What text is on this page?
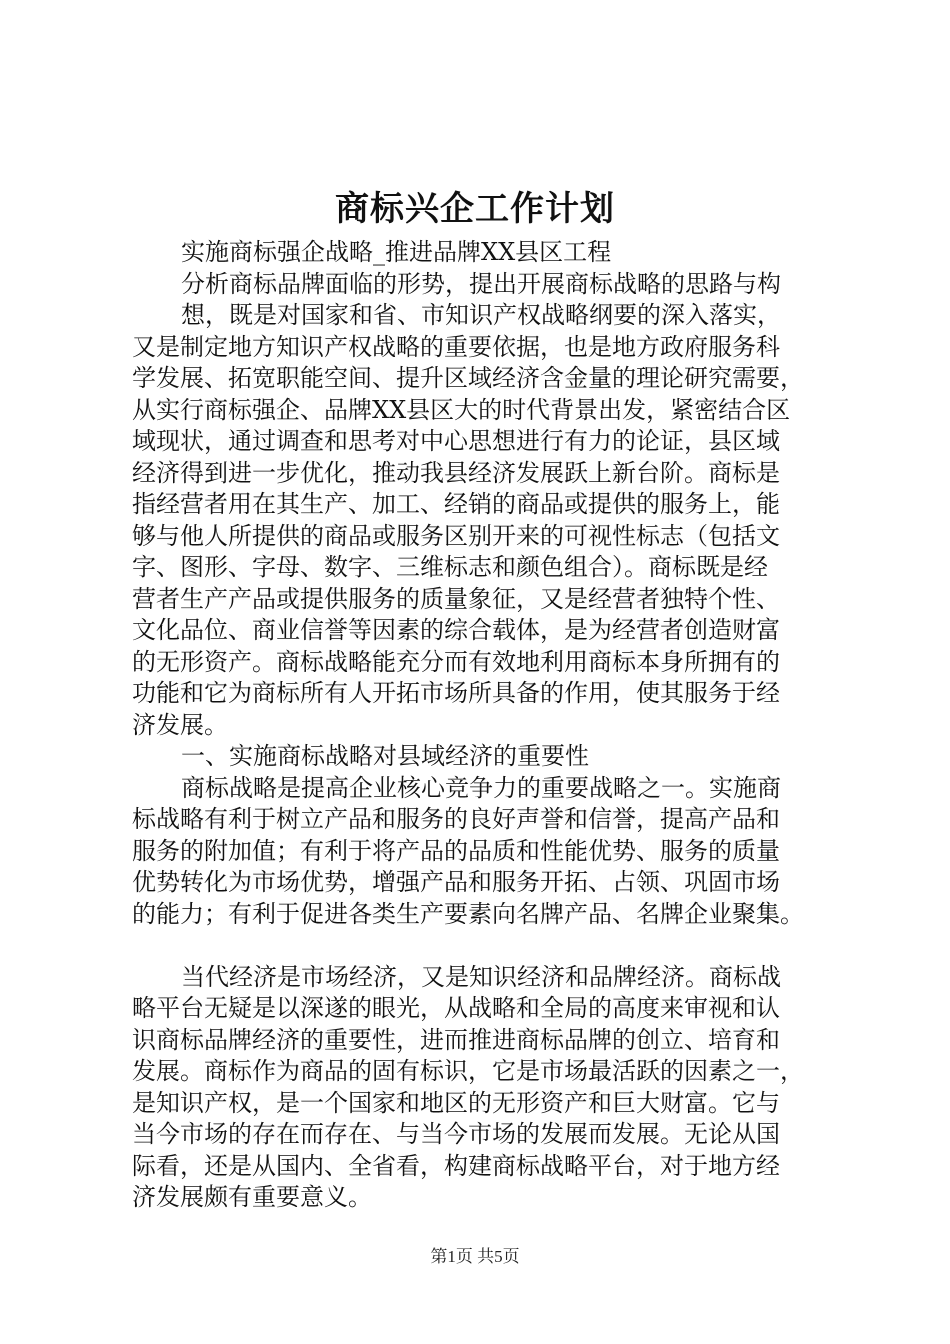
商标兴企工作计划
实施商标强企战略_推进品牌XX县区工程
分析商标品牌面临的形势，提出开展商标战略的思路与构
想，既是对国家和省、市知识产权战略纲要的深入落实，
又是制定地方知识产权战略的重要依据，也是地方政府服务科
学发展、拓宽职能空间、提升区域经济含金量的理论研究需要，
从实行商标强企、品牌XX县区大的时代背景出发，紧密结合区
域现状，通过调查和思考对中心思想进行有力的论证，县区域
经济得到进一步优化，推动我县经济发展跃上新台阶。商标是
指经营者用在其生产、加工、经销的商品或提供的服务上，能
够与他人所提供的商品或服务区别开来的可视性标志（包括文
字、图形、字母、数字、三维标志和颜色组合）。商标既是经
营者生产产品或提供服务的质量象征，又是经营者独特个性、
文化品位、商业信誉等因素的综合载体，是为经营者创造财富
的无形资产。商标战略能充分而有效地利用商标本身所拥有的
功能和它为商标所有人开拓市场所具备的作用，使其服务于经
济发展。
一、实施商标战略对县域经济的重要性
商标战略是提高企业核心竞争力的重要战略之一。实施商
标战略有利于树立产品和服务的良好声誉和信誉，提高产品和
服务的附加值；有利于将产品的品质和性能优势、服务的质量
优势转化为市场优势，增强产品和服务开拓、占领、巩固市场
的能力；有利于促进各类生产要素向名牌产品、名牌企业聚集。
当代经济是市场经济，又是知识经济和品牌经济。商标战
略平台无疑是以深遂的眼光，从战略和全局的高度来审视和认
识商标品牌经济的重要性，进而推进商标品牌的创立、培育和
发展。商标作为商品的固有标识，它是市场最活跃的因素之一，
是知识产权，是一个国家和地区的无形资产和巨大财富。它与
当今市场的存在而存在、与当今市场的发展而发展。无论从国
际看，还是从国内、全省看，构建商标战略平台，对于地方经
济发展颇有重要意义。
第1页 共5页
